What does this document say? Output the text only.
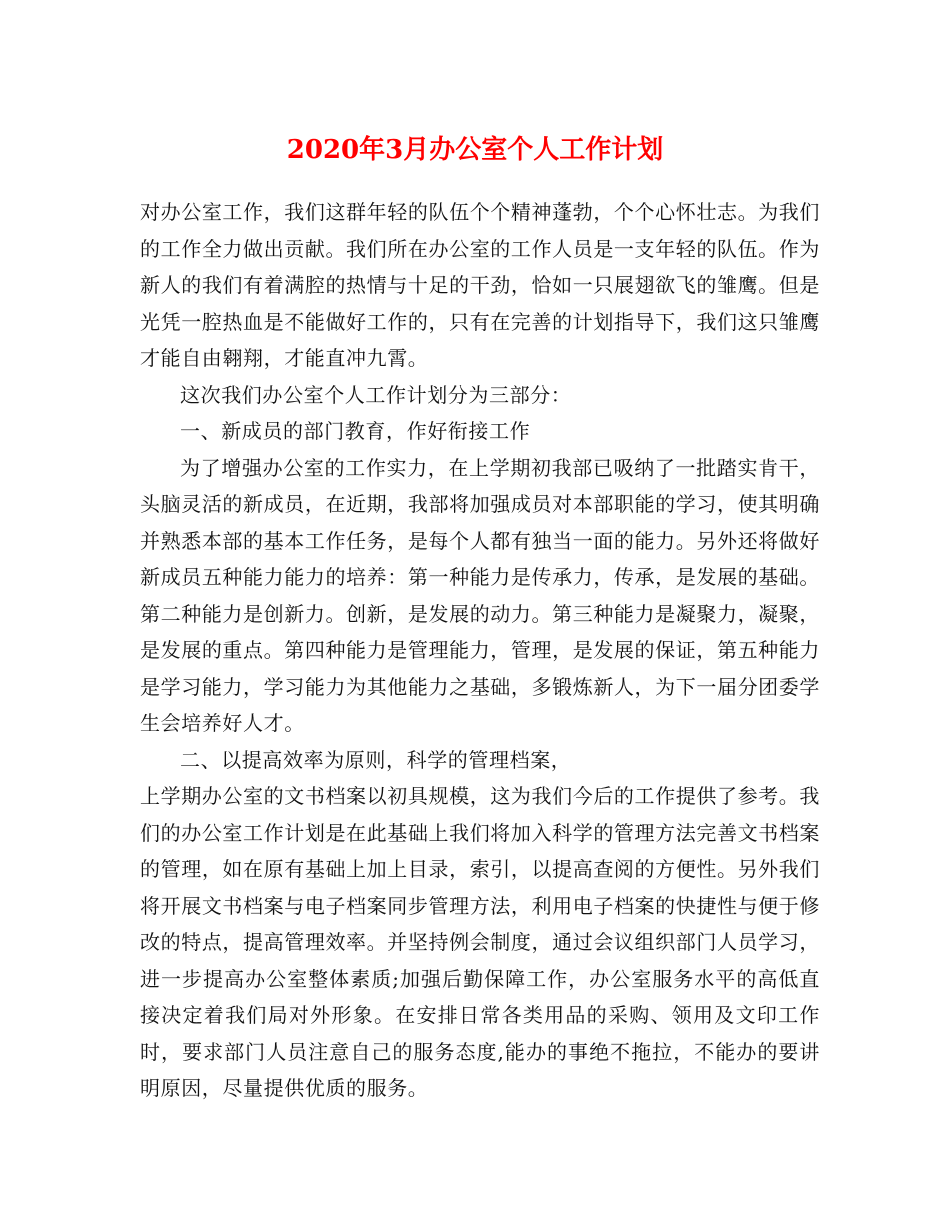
2020年3月办公室个人工作计划

对办公室工作，我们这群年轻的队伍个个精神蓬勃，个个心怀壮志。为我们的工作全力做出贡献。我们所在办公室的工作人员是一支年轻的队伍。作为新人的我们有着满腔的热情与十足的干劲，恰如一只展翅欲飞的雏鹰。但是光凭一腔热血是不能做好工作的，只有在完善的计划指导下，我们这只雏鹰才能自由翱翔，才能直冲九霄。

这次我们办公室个人工作计划分为三部分：

一、新成员的部门教育，作好衔接工作

为了增强办公室的工作实力，在上学期初我部已吸纳了一批踏实肯干，头脑灵活的新成员，在近期，我部将加强成员对本部职能的学习，使其明确并熟悉本部的基本工作任务，是每个人都有独当一面的能力。另外还将做好新成员五种能力能力的培养：第一种能力是传承力，传承，是发展的基础。第二种能力是创新力。创新，是发展的动力。第三种能力是凝聚力，凝聚，是发展的重点。第四种能力是管理能力，管理，是发展的保证，第五种能力是学习能力，学习能力为其他能力之基础，多锻炼新人，为下一届分团委学生会培养好人才。

二、以提高效率为原则，科学的管理档案，

上学期办公室的文书档案以初具规模，这为我们今后的工作提供了参考。我们的办公室工作计划是在此基础上我们将加入科学的管理方法完善文书档案的管理，如在原有基础上加上目录，索引，以提高查阅的方便性。另外我们将开展文书档案与电子档案同步管理方法，利用电子档案的快捷性与便于修改的特点，提高管理效率。并坚持例会制度，通过会议组织部门人员学习，进一步提高办公室整体素质;加强后勤保障工作，办公室服务水平的高低直接决定着我们局对外形象。在安排日常各类用品的采购、领用及文印工作时，要求部门人员注意自己的服务态度,能办的事绝不拖拉，不能办的要讲明原因，尽量提供优质的服务。
